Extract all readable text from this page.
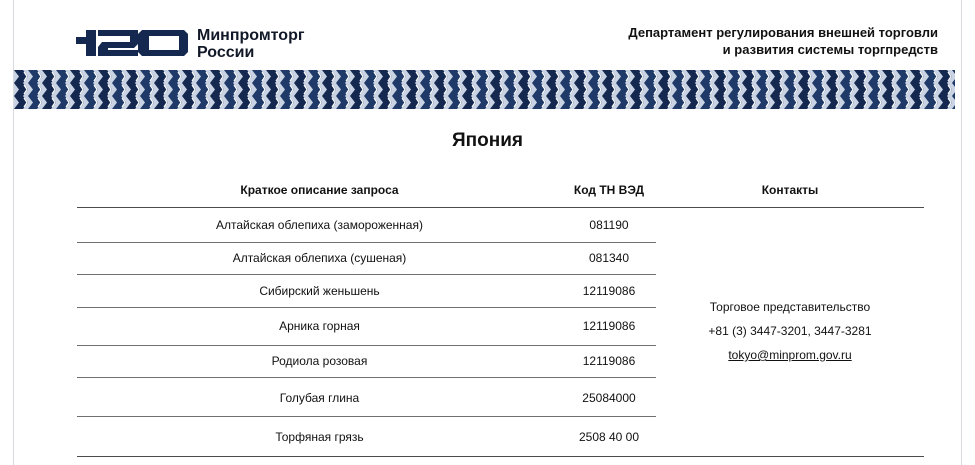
Минпромторг
России
Департамент регулирования внешней торговли
и развития системы торгпредств
Япония
Краткое описание запроса	Код ТН ВЭД	Контакты
Алтайская облепиха (замороженная)	081190
Алтайская облепиха (сушеная)	081340
Сибирский женьшень	12119086
Арника горная	12119086
Родиола розовая	12119086
Голубая глина	25084000
Торфяная грязь	2508 40 00
Торговое представительство
+81 (3) 3447-3201, 3447-3281
tokyo@minprom.gov.ru
